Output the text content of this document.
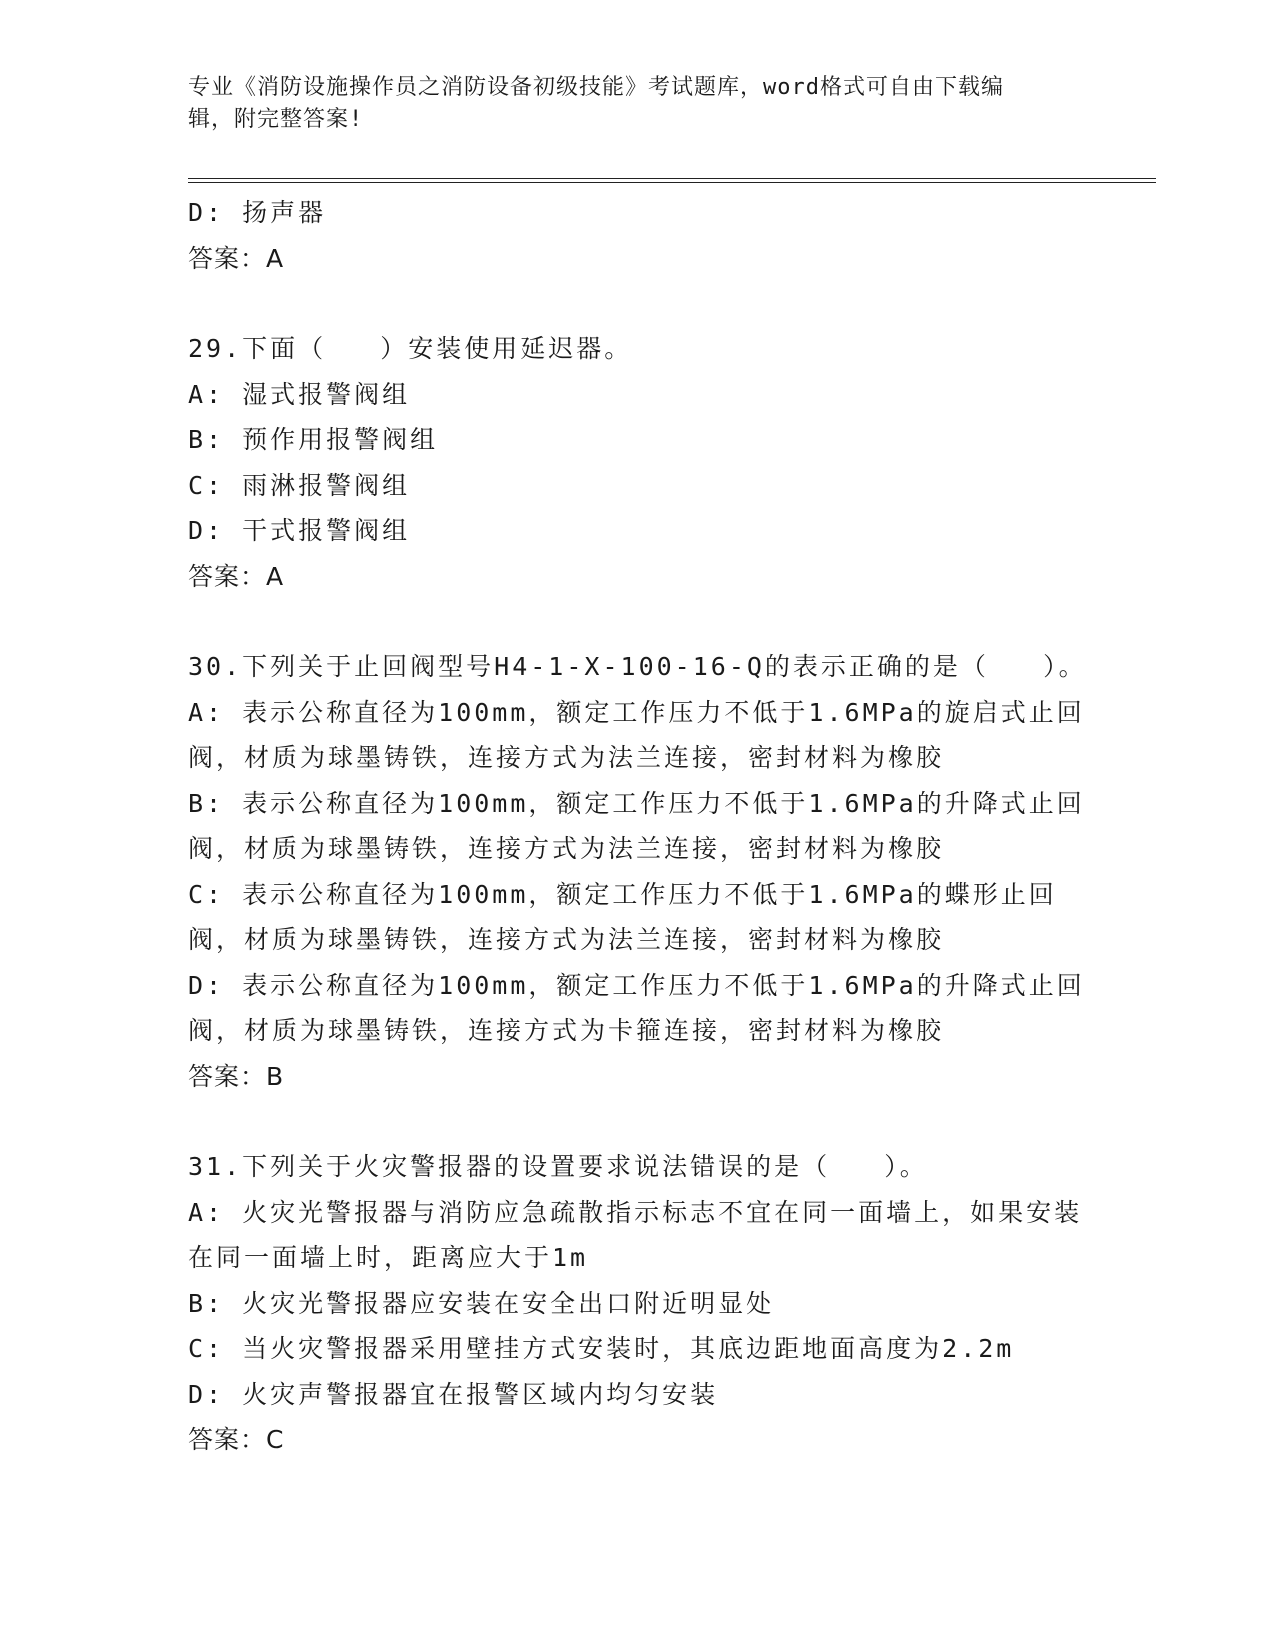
专业《消防设施操作员之消防设备初级技能》考试题库，word格式可自由下载编
辑，附完整答案!
D: 扬声器
答案：A
29.下面（   ）安装使用延迟器。
A: 湿式报警阀组
B: 预作用报警阀组
C: 雨淋报警阀组
D: 干式报警阀组
答案：A
30.下列关于止回阀型号H4-1-X-100-16-Q的表示正确的是（   ）。
A: 表示公称直径为100mm，额定工作压力不低于1.6MPa的旋启式止回阀，材质为球墨铸铁，连接方式为法兰连接，密封材料为橡胶
B: 表示公称直径为100mm，额定工作压力不低于1.6MPa的升降式止回阀，材质为球墨铸铁，连接方式为法兰连接，密封材料为橡胶
C: 表示公称直径为100mm，额定工作压力不低于1.6MPa的蝶形止回阀，材质为球墨铸铁，连接方式为法兰连接，密封材料为橡胶
D: 表示公称直径为100mm，额定工作压力不低于1.6MPa的升降式止回阀，材质为球墨铸铁，连接方式为卡箍连接，密封材料为橡胶
答案：B
31.下列关于火灾警报器的设置要求说法错误的是（   ）。
A: 火灾光警报器与消防应急疏散指示标志不宜在同一面墙上，如果安装在同一面墙上时，距离应大于1m
B: 火灾光警报器应安装在安全出口附近明显处
C: 当火灾警报器采用壁挂方式安装时，其底边距地面高度为2.2m
D: 火灾声警报器宜在报警区域内均匀安装
答案：C
